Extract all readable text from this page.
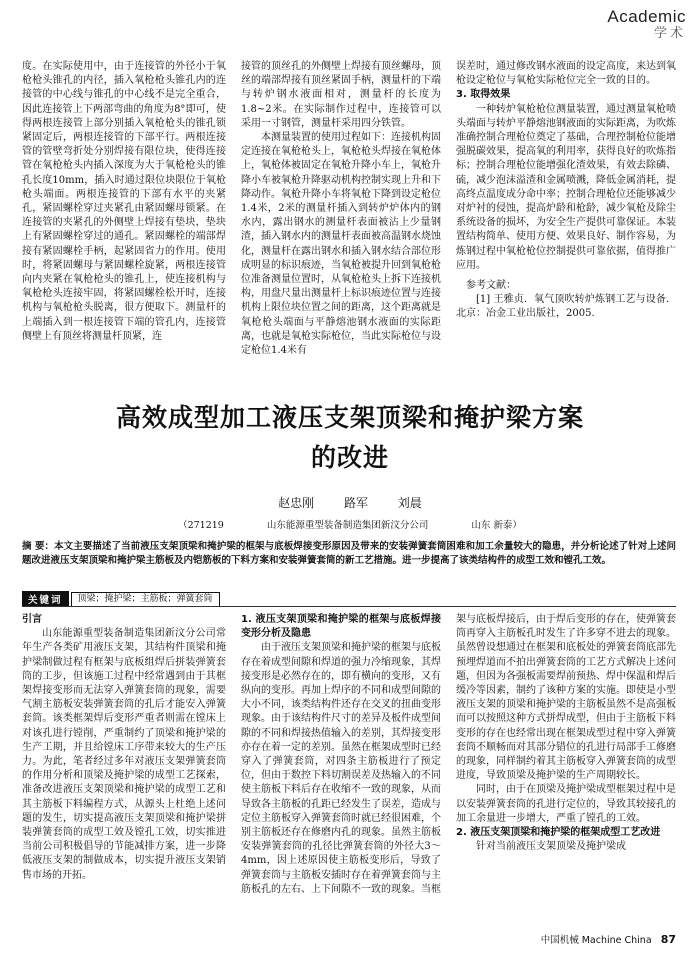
Academic
学术

度。在实际使用中，由于连接管的外径小于氧枪枪头锥孔的内径，插入氧枪枪头锥孔内的连接管的中心线与锥孔的中心线不是完全重合，因此连接管上下两部弯曲的角度为8°即可，使得两根连接管上部分别插入氧枪枪头的锥孔锁紧固定后，两根连接管的下部平行。两根连接管的管壁弯折处分别焊接有限位块，使得连接管在氧枪枪头内插入深度为大于氧枪枪头的锥孔长度10mm，插入时通过限位块限位于氧枪枪头端面。两根连接管的下部有水平的夹紧孔，紧固螺栓穿过夹紧孔由紧固螺母锁紧。在连接管的夹紧孔的外侧壁上焊接有垫块，垫块上有紧固螺栓穿过的通孔。紧固螺栓的端部焊接有紧固螺栓手柄，起紧固省力的作用。使用时，将紧固螺母与紧固螺栓旋紧，两根连接管向内夹紧在氧枪枪头的锥孔上，使连接机构与氧枪枪头连接牢固，将紧固螺栓松开时，连接机构与氧枪枪头脱离，很方便取下。测量杆的上端插入到一根连接管下端的管孔内，连接管侧壁上有顶丝将测量杆顶紧，连

接管的顶丝孔的外侧壁上焊接有顶丝螺母，顶丝的端部焊接有顶丝紧固手柄，测量杆的下端与转炉钢水液面相对，测量杆的长度为1.8~2米。在实际制作过程中，连接管可以采用一寸钢管，测量杆采用四分铁管。

本测量装置的使用过程如下：连接机构固定连接在氧枪枪头上，氧枪枪头焊接在氧枪体上，氧枪体被固定在氧枪升降小车上，氧枪升降小车被氧枪升降驱动机构控制实现上升和下降动作。氧枪升降小车将氧枪下降到设定枪位1.4米，2米的测量杆插入到转炉炉体内的钢水内，露出钢水的测量杆表面被沾上少量钢渣，插入钢水内的测量杆表面被高温钢水烧蚀化，测量杆在露出钢水和插入钢水结合部位形成明显的标识痕迹，当氧枪被提升回到氧枪枪位准备测量位置时，从氧枪枪头上拆下连接机构，用盘尺量出测量杆上标识痕迹位置与连接机构上限位块位置之间的距离，这个距离就是氧枪枪头端面与平静熔池钢水液面的实际距离，也就是氧枪实际枪位，当此实际枪位与设定枪位1.4米有

误差时，通过修改钢水液面的设定高度，来达到氧枪设定枪位与氧枪实际枪位完全一致的目的。

3. 取得效果

一种转炉氧枪枪位测量装置，通过测量氧枪喷头端面与转炉平静熔池钢液面的实际距离，为吹炼准确控制合理枪位奠定了基础，合理控制枪位能增强脱碳效果，提高氧的利用率，获得良好的吹炼指标；控制合理枪位能增强化渣效果，有效去除磷、硫，减少泡沫溢渣和金属喷溅，降低金属消耗，提高终点温度成分命中率；控制合理枪位还能够减少对炉衬的侵蚀，提高炉龄和枪龄，减少氧枪及除尘系统设备的损坏，为安全生产提供可靠保证。本装置结构简单、使用方便、效果良好、制作容易，为炼钢过程中氧枪枪位控制提供可靠依据，值得推广应用。

参考文献：

[1] 王雅贞．氧气顶吹转炉炼钢工艺与设备．北京：冶金工业出版社，2005.

高效成型加工液压支架顶梁和掩护梁方案
的改进
赵忠刚 路军 刘晨
（271219	山东能源重型装备制造集团新汶分公司	山东 新泰）
摘 要：本文主要描述了当前液压支架顶梁和掩护梁的框架与底板焊接变形原因及带来的安装弹簧套筒困难和加工余量较大的隐患，并分析论述了针对上述问题改进液压支架顶梁和掩护梁主筋板及内铠筋板的下料方案和安装弹簧套筒的新工艺措施。进一步提高了该类结构件的成型工效和镗孔工效。
关键词	顶梁；掩护梁；主筋板；弹簧套筒

引言

山东能源重型装备制造集团新汶分公司常年生产各类矿用液压支架，其结构件顶梁和掩护梁制做过程有框架与底板组焊后拼装弹簧套筒的工步，但该施工过程中经常遇到由于其框架焊接变形而无法穿入弹簧套筒的现象，需要气割主筋板安装弹簧套筒的孔后才能安入弹簧套筒。该类框架焊后变形严重者则需在镗床上对该孔进行镗削，严重制约了顶梁和掩护梁的生产工期，并且给镗床工序带来较大的生产压力。为此，笔者经过多年对液压支架弹簧套筒的作用分析和顶梁及掩护梁的成型工艺探索，准备改进液压支架顶梁和掩护梁的成型工艺和其主筋板下料编程方式，从源头上杜绝上述问题的发生，切实提高液压支架顶梁和掩护梁拼装弹簧套筒的成型工效及镗孔工效，切实推进当前公司积极倡导的节能减排方案，进一步降低液压支架的制做成本，切实提升液压支架销售市场的开拓。

1. 液压支架顶梁和掩护梁的框架与底板焊接变形分析及隐患

由于液压支架顶梁和掩护梁的框架与底板存在着成型间隙和焊道的强力冷缩现象，其焊接变形是必然存在的，即有横向的变形，又有纵向的变形。再加上焊序的不同和成型间隙的大小不同，该类结构件还存在交叉的扭曲变形现象。由于该结构件尺寸的差异及板件成型间隙的不同和焊接热值输入的差别，其焊接变形亦存在着一定的差别。虽然在框架成型时已经穿入了弹簧套筒，对四条主筋板进行了预定位，但由于数控下料切割误差及热输入的不同使主筋板下料后存在收缩不一致的现象，从而导致各主筋板的孔距已经发生了误差，造成与定位主筋板穿入弹簧套筒时就已经很困难，个别主筋板还存在修磨内孔的现象。虽然主筋板安装弹簧套筒的孔径比弹簧套筒的外径大3～4mm，因上述原因使主筋板变形后，导致了弹簧套筒与主筋板安插时存在着弹簧套筒与主筋板孔的左右、上下间隙不一致的现象。当框

架与底板焊接后，由于焊后变形的存在，使弹簧套筒再穿入主筋板孔时发生了许多穿不进去的现象。虽然曾设想通过在框架和底板处的弹簧套筒底部先预埋焊道而不拍出弹簧套筒的工艺方式解决上述问题，但因为各强板需要焊前预热、焊中保温和焊后缓冷等因素，制约了该种方案的实施。即使是小型液压支架的顶梁和掩护梁的主筋板虽然不是高强板而可以按照这种方式拼焊成型，但由于主筋板下料变形的存在也经常出现在框架成型过程中穿入弹簧套筒不顺畅而对其部分错位的孔进行局部手工修磨的现象，同样制约着其主筋板穿入弹簧套筒的成型进度，导致顶梁及掩护梁的生产周期较长。

同时，由于在顶梁及掩护梁成型框架过程中是以安装弹簧套筒的孔进行定位的，导致其较接孔的加工余量进一步增大，严重了镗孔的工效。

2. 液压支架顶梁和掩护梁的框架成型工艺改进

针对当前液压支架顶梁及掩护梁成

中国机械 Machine China 87
